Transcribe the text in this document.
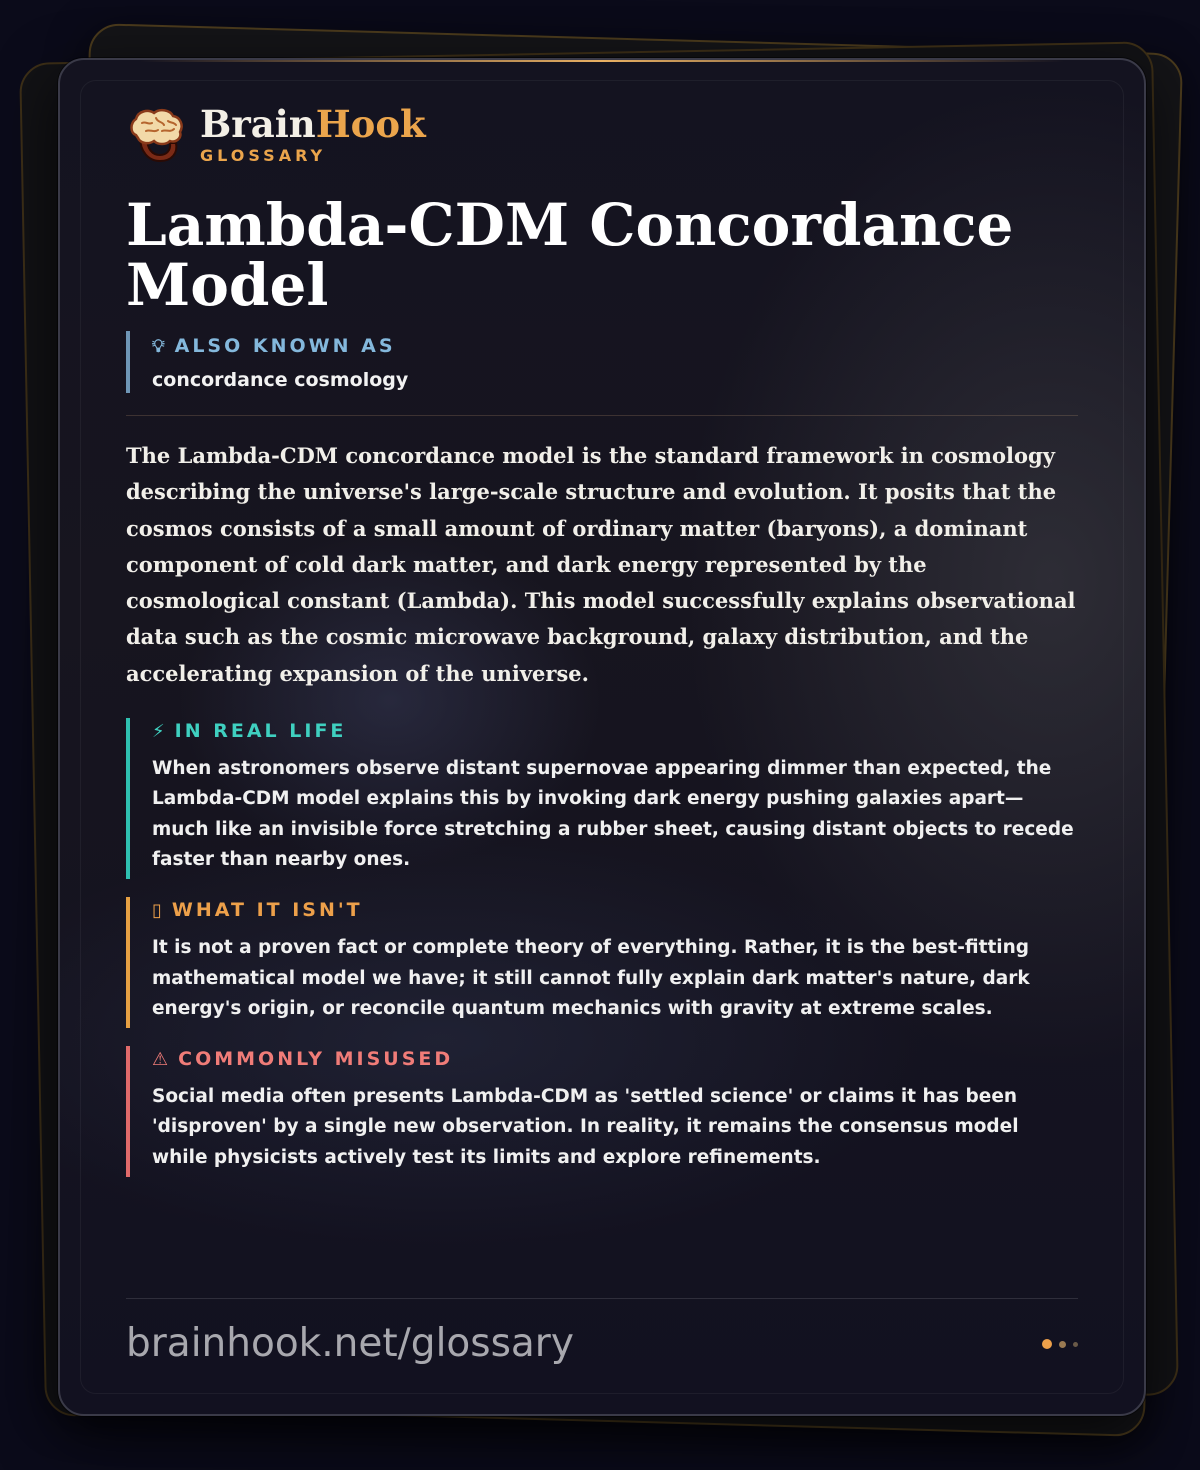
BrainHook
GLOSSARY
Lambda-CDM Concordance Model
💡︎ ALSO KNOWN AS
concordance cosmology

The Lambda-CDM concordance model is the standard framework in cosmology describing the universe's large-scale structure and evolution. It posits that the cosmos consists of a small amount of ordinary matter (baryons), a dominant component of cold dark matter, and dark energy represented by the cosmological constant (Lambda). This model successfully explains observational data such as the cosmic microwave background, galaxy distribution, and the accelerating expansion of the universe.

⚡︎ IN REAL LIFE
When astronomers observe distant supernovae appearing dimmer than expected, the Lambda-CDM model explains this by invoking dark energy pushing galaxies apart—much like an invisible force stretching a rubber sheet, causing distant objects to recede faster than nearby ones.
▯ WHAT IT ISN'T
It is not a proven fact or complete theory of everything. Rather, it is the best-fitting mathematical model we have; it still cannot fully explain dark matter's nature, dark energy's origin, or reconcile quantum mechanics with gravity at extreme scales.
⚠ COMMONLY MISUSED
Social media often presents Lambda-CDM as 'settled science' or claims it has been 'disproven' by a single new observation. In reality, it remains the consensus model while physicists actively test its limits and explore refinements.
brainhook.net/glossary
